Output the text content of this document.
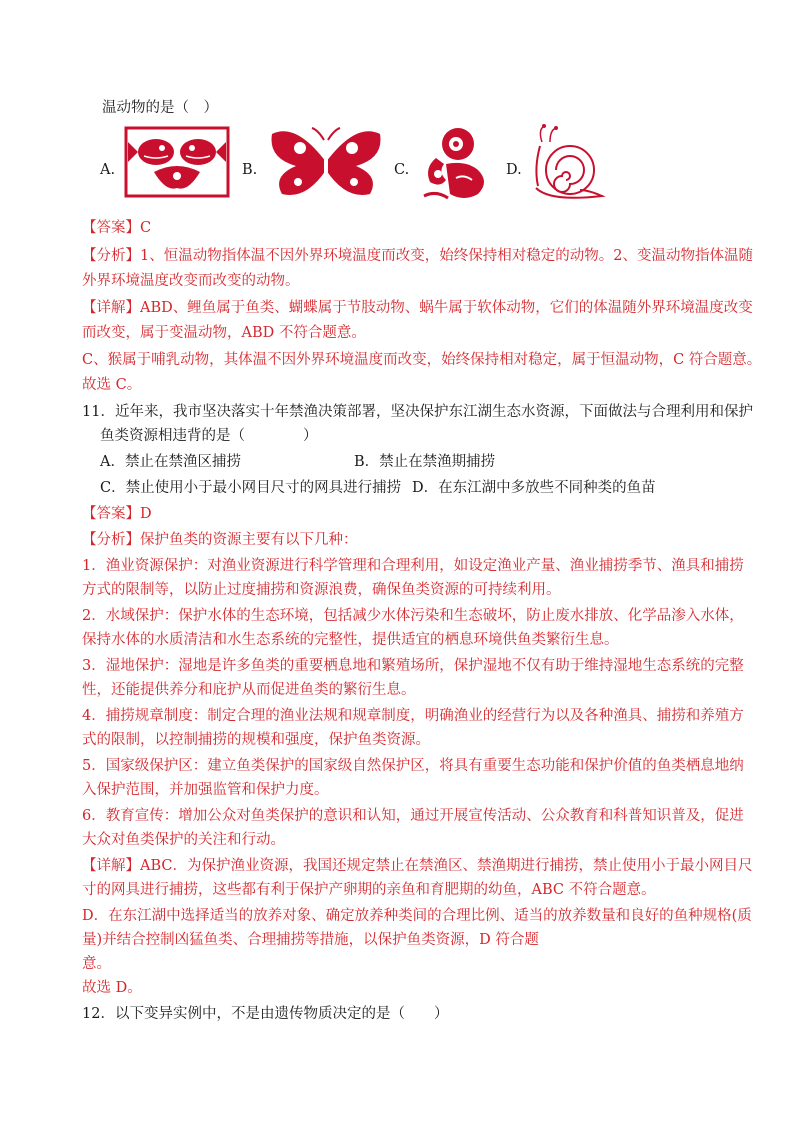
温动物的是（　）
A.	B.	C.	D.
【答案】C
【分析】1、恒温动物指体温不因外界环境温度而改变，始终保持相对稳定的动物。2、变温动物指体温随
外界环境温度改变而改变的动物。
【详解】ABD、鲤鱼属于鱼类、蝴蝶属于节肢动物、蜗牛属于软体动物，它们的体温随外界环境温度改变
而改变，属于变温动物，ABD 不符合题意。
C、猴属于哺乳动物，其体温不因外界环境温度而改变，始终保持相对稳定，属于恒温动物，C 符合题意。
故选 C。
11．近年来，我市坚决落实十年禁渔决策部署，坚决保护东江湖生态水资源，下面做法与合理利用和保护
鱼类资源相违背的是（　　　　）
A．禁止在禁渔区捕捞	B．禁止在禁渔期捕捞
C．禁止使用小于最小网目尺寸的网具进行捕捞 D．在东江湖中多放些不同种类的鱼苗
【答案】D
【分析】保护鱼类的资源主要有以下几种：
1．渔业资源保护：对渔业资源进行科学管理和合理利用，如设定渔业产量、渔业捕捞季节、渔具和捕捞
方式的限制等，以防止过度捕捞和资源浪费，确保鱼类资源的可持续利用。
2．水域保护：保护水体的生态环境，包括减少水体污染和生态破坏，防止废水排放、化学品渗入水体，
保持水体的水质清洁和水生态系统的完整性，提供适宜的栖息环境供鱼类繁衍生息。
3．湿地保护：湿地是许多鱼类的重要栖息地和繁殖场所，保护湿地不仅有助于维持湿地生态系统的完整
性，还能提供养分和庇护从而促进鱼类的繁衍生息。
4．捕捞规章制度：制定合理的渔业法规和规章制度，明确渔业的经营行为以及各种渔具、捕捞和养殖方
式的限制，以控制捕捞的规模和强度，保护鱼类资源。
5．国家级保护区：建立鱼类保护的国家级自然保护区，将具有重要生态功能和保护价值的鱼类栖息地纳
入保护范围，并加强监管和保护力度。
6．教育宣传：增加公众对鱼类保护的意识和认知，通过开展宣传活动、公众教育和科普知识普及，促进
大众对鱼类保护的关注和行动。
【详解】ABC．为保护渔业资源，我国还规定禁止在禁渔区、禁渔期进行捕捞，禁止使用小于最小网目尺
寸的网具进行捕捞，这些都有利于保护产卵期的亲鱼和育肥期的幼鱼，ABC 不符合题意。
D．在东江湖中选择适当的放养对象、确定放养种类间的合理比例、适当的放养数量和良好的鱼种规格(质
量)并结合控制凶猛鱼类、合理捕捞等措施，以保护鱼类资源，D 符合题
意。
故选 D。
12．以下变异实例中，不是由遗传物质决定的是（　　）
